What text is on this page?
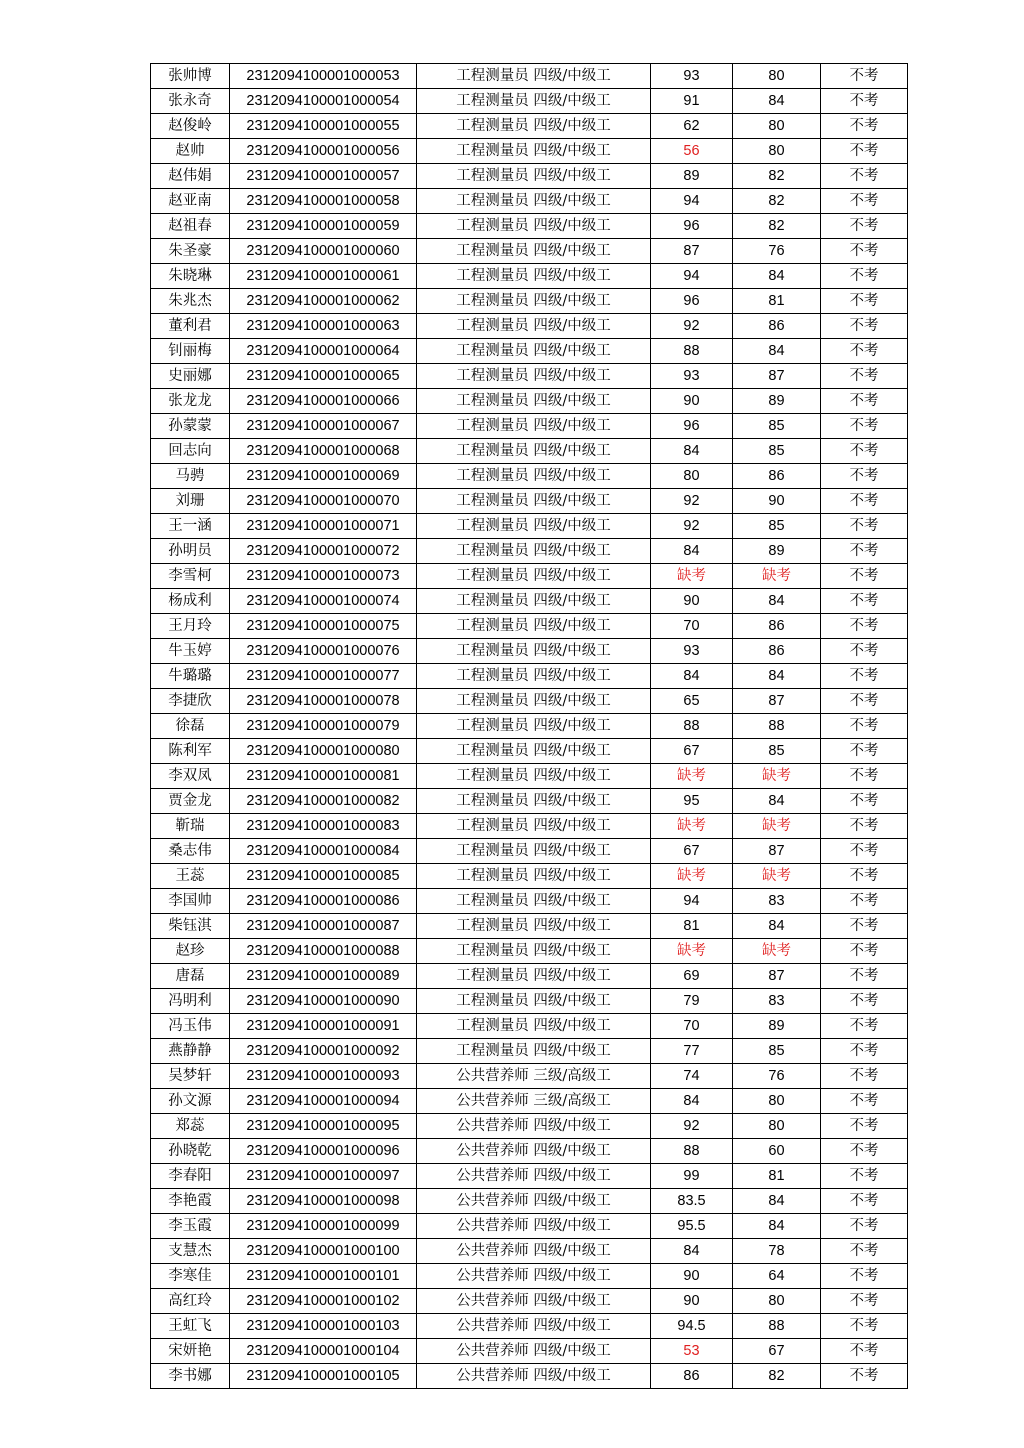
张帅博	2312094100001000053	工程测量员 四级/中级工	93	80	不考
张永奇	2312094100001000054	工程测量员 四级/中级工	91	84	不考
赵俊岭	2312094100001000055	工程测量员 四级/中级工	62	80	不考
赵帅	2312094100001000056	工程测量员 四级/中级工	56	80	不考
赵伟娟	2312094100001000057	工程测量员 四级/中级工	89	82	不考
赵亚南	2312094100001000058	工程测量员 四级/中级工	94	82	不考
赵祖春	2312094100001000059	工程测量员 四级/中级工	96	82	不考
朱圣豪	2312094100001000060	工程测量员 四级/中级工	87	76	不考
朱晓琳	2312094100001000061	工程测量员 四级/中级工	94	84	不考
朱兆杰	2312094100001000062	工程测量员 四级/中级工	96	81	不考
董利君	2312094100001000063	工程测量员 四级/中级工	92	86	不考
钊丽梅	2312094100001000064	工程测量员 四级/中级工	88	84	不考
史丽娜	2312094100001000065	工程测量员 四级/中级工	93	87	不考
张龙龙	2312094100001000066	工程测量员 四级/中级工	90	89	不考
孙蒙蒙	2312094100001000067	工程测量员 四级/中级工	96	85	不考
回志向	2312094100001000068	工程测量员 四级/中级工	84	85	不考
马骋	2312094100001000069	工程测量员 四级/中级工	80	86	不考
刘珊	2312094100001000070	工程测量员 四级/中级工	92	90	不考
王一涵	2312094100001000071	工程测量员 四级/中级工	92	85	不考
孙明员	2312094100001000072	工程测量员 四级/中级工	84	89	不考
李雪柯	2312094100001000073	工程测量员 四级/中级工	缺考	缺考	不考
杨成利	2312094100001000074	工程测量员 四级/中级工	90	84	不考
王月玲	2312094100001000075	工程测量员 四级/中级工	70	86	不考
牛玉婷	2312094100001000076	工程测量员 四级/中级工	93	86	不考
牛璐璐	2312094100001000077	工程测量员 四级/中级工	84	84	不考
李捷欣	2312094100001000078	工程测量员 四级/中级工	65	87	不考
徐磊	2312094100001000079	工程测量员 四级/中级工	88	88	不考
陈利军	2312094100001000080	工程测量员 四级/中级工	67	85	不考
李双凤	2312094100001000081	工程测量员 四级/中级工	缺考	缺考	不考
贾金龙	2312094100001000082	工程测量员 四级/中级工	95	84	不考
靳瑞	2312094100001000083	工程测量员 四级/中级工	缺考	缺考	不考
桑志伟	2312094100001000084	工程测量员 四级/中级工	67	87	不考
王蕊	2312094100001000085	工程测量员 四级/中级工	缺考	缺考	不考
李国帅	2312094100001000086	工程测量员 四级/中级工	94	83	不考
柴钰淇	2312094100001000087	工程测量员 四级/中级工	81	84	不考
赵珍	2312094100001000088	工程测量员 四级/中级工	缺考	缺考	不考
唐磊	2312094100001000089	工程测量员 四级/中级工	69	87	不考
冯明利	2312094100001000090	工程测量员 四级/中级工	79	83	不考
冯玉伟	2312094100001000091	工程测量员 四级/中级工	70	89	不考
燕静静	2312094100001000092	工程测量员 四级/中级工	77	85	不考
吴梦轩	2312094100001000093	公共营养师 三级/高级工	74	76	不考
孙文源	2312094100001000094	公共营养师 三级/高级工	84	80	不考
郑蕊	2312094100001000095	公共营养师 四级/中级工	92	80	不考
孙晓乾	2312094100001000096	公共营养师 四级/中级工	88	60	不考
李春阳	2312094100001000097	公共营养师 四级/中级工	99	81	不考
李艳霞	2312094100001000098	公共营养师 四级/中级工	83.5	84	不考
李玉霞	2312094100001000099	公共营养师 四级/中级工	95.5	84	不考
支慧杰	2312094100001000100	公共营养师 四级/中级工	84	78	不考
李寒佳	2312094100001000101	公共营养师 四级/中级工	90	64	不考
高红玲	2312094100001000102	公共营养师 四级/中级工	90	80	不考
王虹飞	2312094100001000103	公共营养师 四级/中级工	94.5	88	不考
宋妍艳	2312094100001000104	公共营养师 四级/中级工	53	67	不考
李书娜	2312094100001000105	公共营养师 四级/中级工	86	82	不考
